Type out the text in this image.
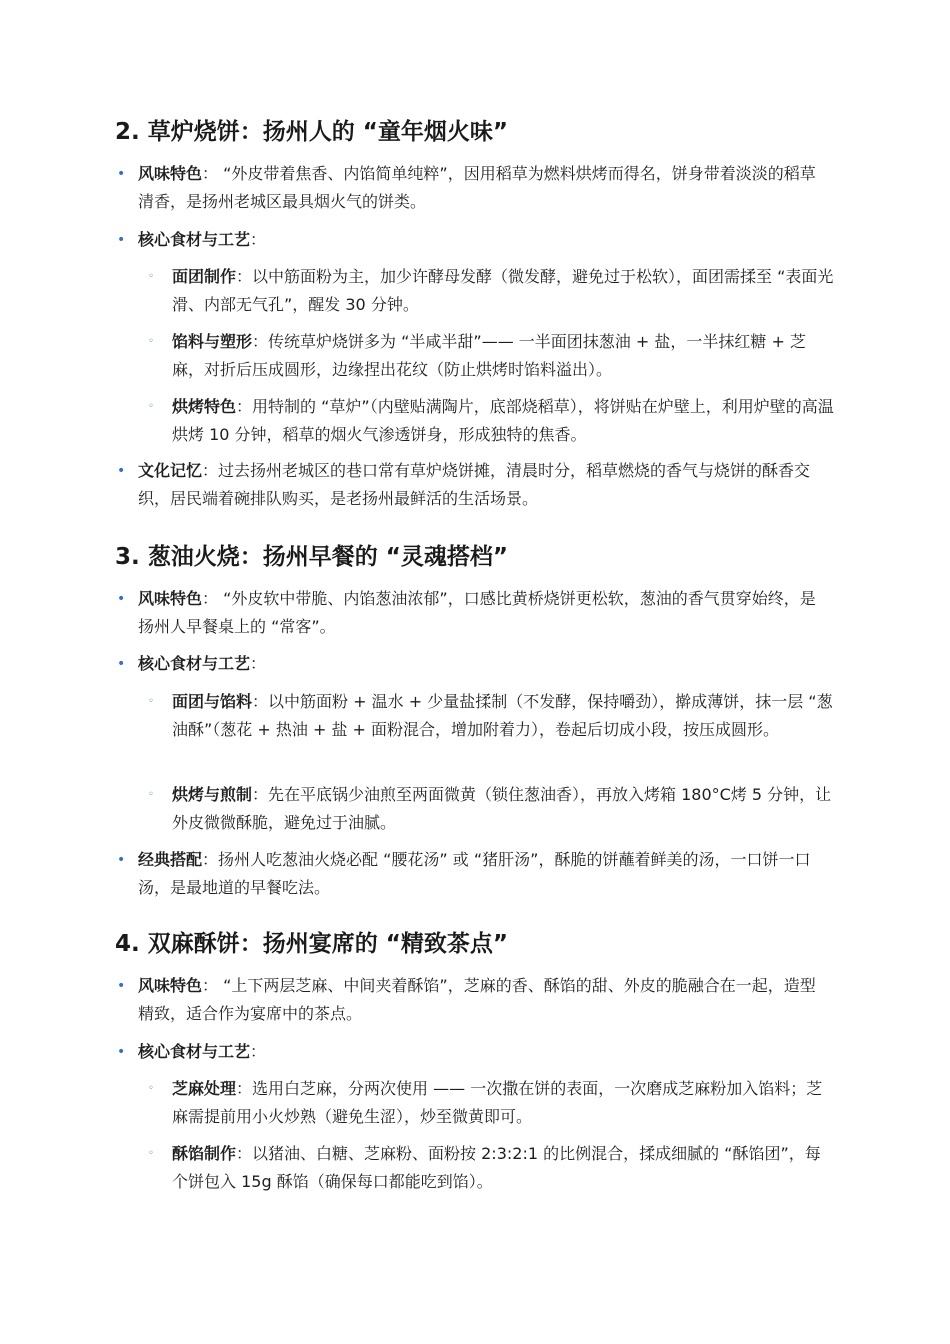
2. 草炉烧饼：扬州人的 “童年烟火味”
• 风味特色： “外皮带着焦香、内馅简单纯粹”，因用稻草为燃料烘烤而得名，饼身带着淡淡的稻草清香，是扬州老城区最具烟火气的饼类。

• 核心食材与工艺：

◦ 面团制作：以中筋面粉为主，加少许酵母发酵（微发酵，避免过于松软），面团需揉至 “表面光滑、内部无气孔”，醒发 30 分钟。

◦ 馅料与塑形：传统草炉烧饼多为 “半咸半甜”—— 一半面团抹葱油 + 盐，一半抹红糖 + 芝麻，对折后压成圆形，边缘捏出花纹（防止烘烤时馅料溢出）。

◦ 烘烤特色：用特制的 “草炉”（内壁贴满陶片，底部烧稻草），将饼贴在炉壁上，利用炉壁的高温烘烤 10 分钟，稻草的烟火气渗透饼身，形成独特的焦香。

• 文化记忆：过去扬州老城区的巷口常有草炉烧饼摊，清晨时分，稻草燃烧的香气与烧饼的酥香交织，居民端着碗排队购买，是老扬州最鲜活的生活场景。

3. 葱油火烧：扬州早餐的 “灵魂搭档”
• 风味特色： “外皮软中带脆、内馅葱油浓郁”，口感比黄桥烧饼更松软，葱油的香气贯穿始终，是扬州人早餐桌上的 “常客”。

• 核心食材与工艺：

◦ 面团与馅料：以中筋面粉 + 温水 + 少量盐揉制（不发酵，保持嚼劲），擀成薄饼，抹一层 “葱油酥”（葱花 + 热油 + 盐 + 面粉混合，增加附着力），卷起后切成小段，按压成圆形。

◦ 烘烤与煎制：先在平底锅少油煎至两面微黄（锁住葱油香），再放入烤箱 180°C烤 5 分钟，让外皮微微酥脆，避免过于油腻。

• 经典搭配：扬州人吃葱油火烧必配 “腰花汤” 或 “猪肝汤”，酥脆的饼蘸着鲜美的汤，一口饼一口汤，是最地道的早餐吃法。

4. 双麻酥饼：扬州宴席的 “精致茶点”
• 风味特色： “上下两层芝麻、中间夹着酥馅”，芝麻的香、酥馅的甜、外皮的脆融合在一起，造型精致，适合作为宴席中的茶点。

• 核心食材与工艺：

◦ 芝麻处理：选用白芝麻，分两次使用 —— 一次撒在饼的表面，一次磨成芝麻粉加入馅料；芝麻需提前用小火炒熟（避免生涩），炒至微黄即可。

◦ 酥馅制作：以猪油、白糖、芝麻粉、面粉按 2:3:2:1 的比例混合，揉成细腻的 “酥馅团”，每个饼包入 15g 酥馅（确保每口都能吃到馅）。
